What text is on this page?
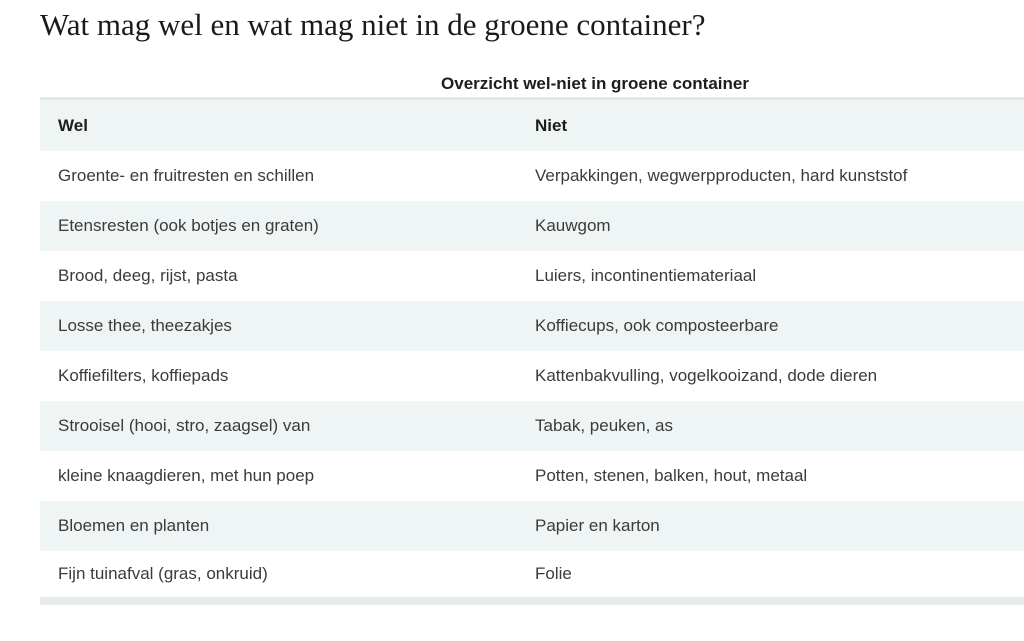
Wat mag wel en wat mag niet in de groene container?
Overzicht wel-niet in groene container
Wel	Niet
Groente- en fruitresten en schillen	Verpakkingen, wegwerpproducten, hard kunststof
Etensresten (ook botjes en graten)	Kauwgom
Brood, deeg, rijst, pasta	Luiers, incontinentiemateriaal
Losse thee, theezakjes	Koffiecups, ook composteerbare
Koffiefilters, koffiepads	Kattenbakvulling, vogelkooizand, dode dieren
Strooisel (hooi, stro, zaagsel) van	Tabak, peuken, as
kleine knaagdieren, met hun poep	Potten, stenen, balken, hout, metaal
Bloemen en planten	Papier en karton
Fijn tuinafval (gras, onkruid)	Folie
